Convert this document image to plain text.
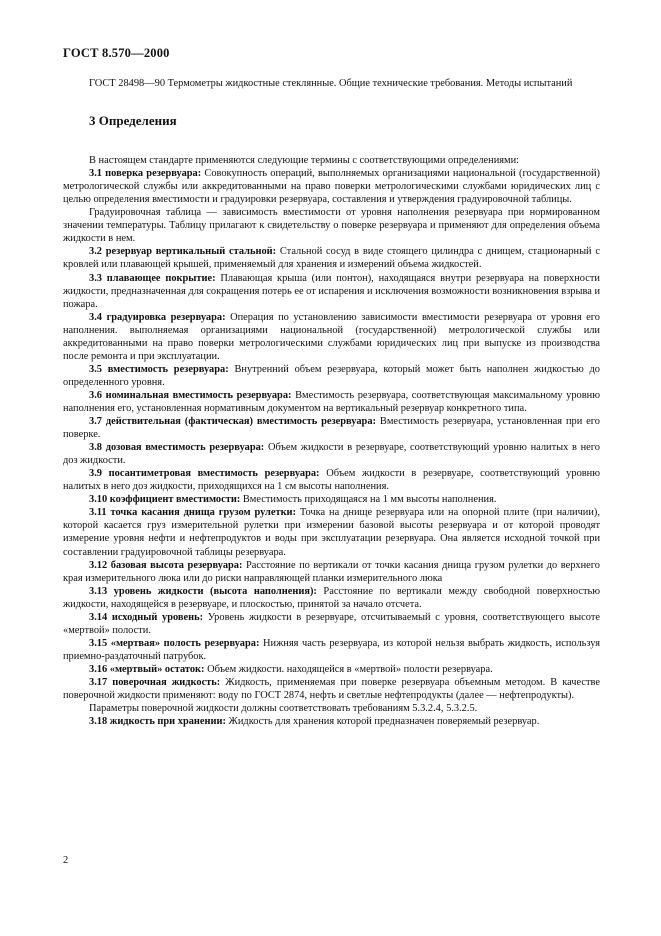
ГОСТ 8.570—2000

ГОСТ 28498—90 Термометры жидкостные стеклянные. Общие технические требования. Методы испытаний

3 Определения

В настоящем стандарте применяются следующие термины с соответствующими определениями:

3.1 поверка резервуара: Совокупность операций, выполняемых организациями национальной (государственной) метрологической службы или аккредитованными на право поверки метрологическими службами юридических лиц с целью определения вместимости и градуировки резервуара, составления и утверждения градуировочной таблицы.

Градуировочная таблица — зависимость вместимости от уровня наполнения резервуара при нормированном значении температуры. Таблицу прилагают к свидетельству о поверке резервуара и применяют для определения объема жидкости в нем.

3.2 резервуар вертикальный стальной: Стальной сосуд в виде стоящего цилиндра с днищем, стационарный с кровлей или плавающей крышей, применяемый для хранения и измерений объема жидкостей.

3.3 плавающее покрытие: Плавающая крыша (или понтон), находящаяся внутри резервуара на поверхности жидкости, предназначенная для сокращения потерь ее от испарения и исключения возможности возникновения взрыва и пожара.

3.4 градуировка резервуара: Операция по установлению зависимости вместимости резервуара от уровня его наполнения. выполняемая организациями национальной (государственной) метрологической службы или аккредитованными на право поверки метрологическими службами юридических лиц при выпуске из производства после ремонта и при эксплуатации.

3.5 вместимость резервуара: Внутренний объем резервуара, который может быть наполнен жидкостью до определенного уровня.

3.6 номинальная вместимость резервуара: Вместимость резервуара, соответствующая максимальному уровню наполнения его, установленная нормативным документом на вертикальный резервуар конкретного типа.

3.7 действительная (фактическая) вместимость резервуара: Вместимость резервуара, установленная при его поверке.

3.8 дозовая вместимость резервуара: Объем жидкости в резервуаре, соответствующий уровню налитых в него доз жидкости.

3.9 посантиметровая вместимость резервуара: Объем жидкости в резервуаре, соответствующий уровню налитых в него доз жидкости, приходящихся на 1 см высоты наполнения.

3.10 коэффициент вместимости: Вместимость приходящаяся на 1 мм высоты наполнения.

3.11 точка касания днища грузом рулетки: Точка на днище резервуара или на опорной плите (при наличии), которой касается груз измерительной рулетки при измерении базовой высоты резервуара и от которой проводят измерение уровня нефти и нефтепродуктов и воды при эксплуатации резервуара. Она является исходной точкой при составлении градуировочной таблицы резервуара.

3.12 базовая высота резервуара: Расстояние по вертикали от точки касания днища грузом рулетки до верхнего края измерительного люка или до риски направляющей планки измерительного люка

3.13 уровень жидкости (высота наполнения): Расстояние по вертикали между свободной поверхностью жидкости, находящейся в резервуаре, и плоскостью, принятой за начало отсчета.

3.14 исходный уровень: Уровень жидкости в резервуаре, отсчитываемый с уровня, соответствующего высоте «мертвой» полости.

3.15 «мертвая» полость резервуара: Нижняя часть резервуара, из которой нельзя выбрать жидкость, используя приемно-раздаточный патрубок.

3.16 «мертвый» остаток: Объем жидкости. находящейся в «мертвой» полости резервуара.

3.17 поверочная жидкость: Жидкость, применяемая при поверке резервуара объемным методом. В качестве поверочной жидкости применяют: воду по ГОСТ 2874, нефть и светлые нефтепродукты (далее — нефтепродукты).

Параметры поверочной жидкости должны соответствовать требованиям 5.3.2.4, 5.3.2.5.

3.18 жидкость при хранении: Жидкость для хранения которой предназначен поверяемый резервуар.

2
